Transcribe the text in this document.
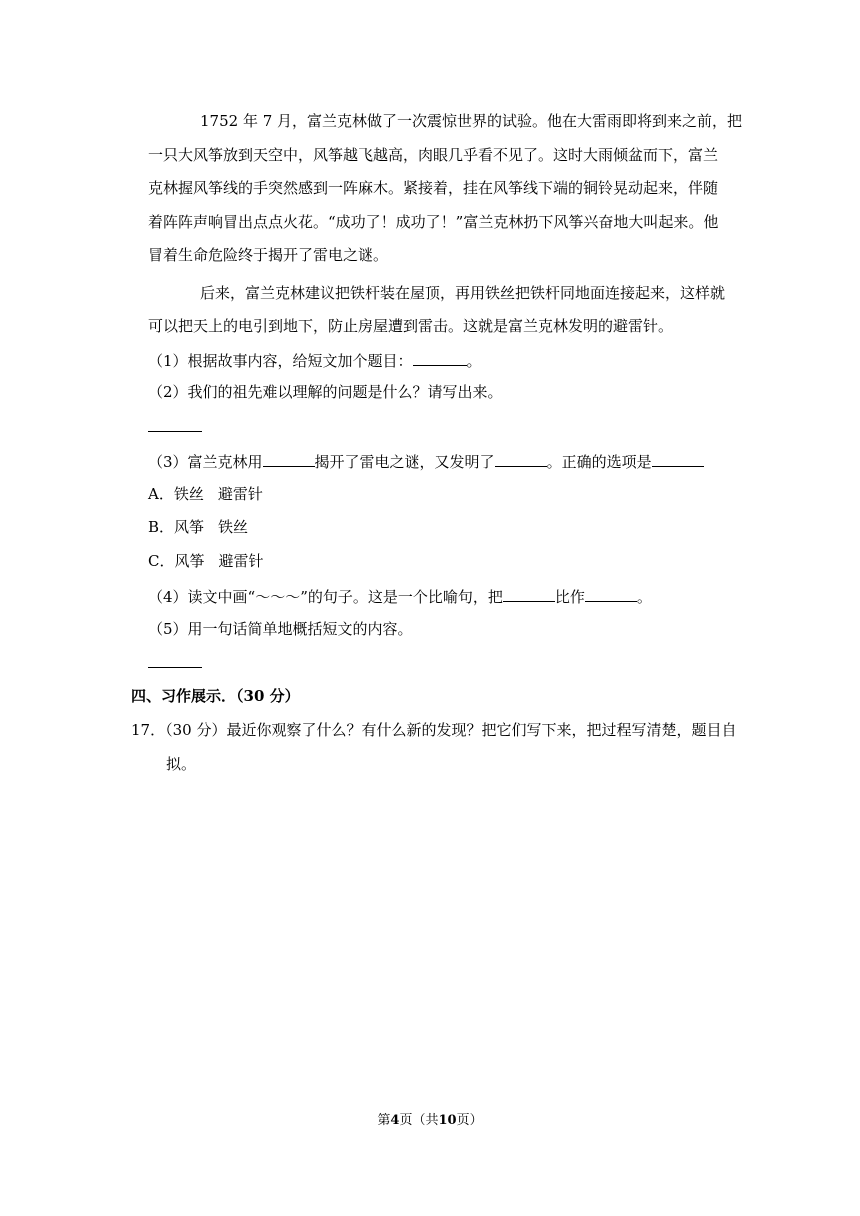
1752 年 7 月，富兰克林做了一次震惊世界的试验。他在大雷雨即将到来之前，把
一只大风筝放到天空中，风筝越飞越高，肉眼几乎看不见了。这时大雨倾盆而下，富兰
克林握风筝线的手突然感到一阵麻木。紧接着，挂在风筝线下端的铜铃晃动起来，伴随
着阵阵声响冒出点点火花。“成功了！成功了！”富兰克林扔下风筝兴奋地大叫起来。他
冒着生命危险终于揭开了雷电之谜。
后来，富兰克林建议把铁杆装在屋顶，再用铁丝把铁杆同地面连接起来，这样就
可以把天上的电引到地下，防止房屋遭到雷击。这就是富兰克林发明的避雷针。
（1）根据故事内容，给短文加个题目：	。
（2）我们的祖先难以理解的问题是什么？请写出来。
（3）富兰克林用	揭开了雷电之谜，又发明了	。正确的选项是
A．铁丝 避雷针
B．风筝 铁丝
C．风筝 避雷针
（4）读文中画“～～～”的句子。这是一个比喻句，把	比作	。
（5）用一句话简单地概括短文的内容。
四、习作展示．（30 分）
17．（30 分）最近你观察了什么？有什么新的发现？把它们写下来，把过程写清楚，题目自
拟。
第4页（共10页）
